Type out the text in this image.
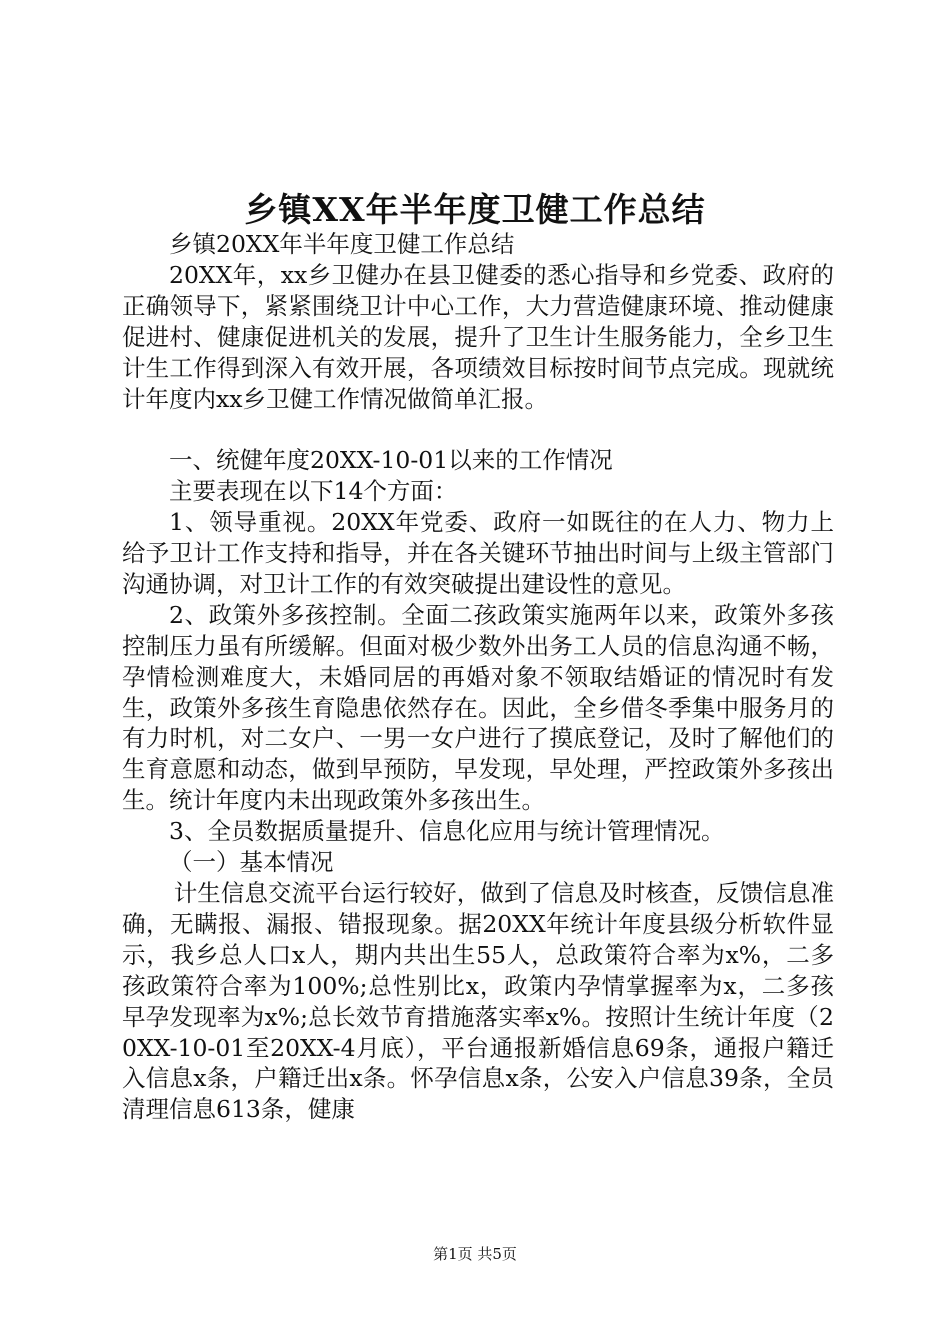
乡镇XX年半年度卫健工作总结

乡镇20XX年半年度卫健工作总结

20XX年，xx乡卫健办在县卫健委的悉心指导和乡党委、政府的正确领导下，紧紧围绕卫计中心工作，大力营造健康环境、推动健康促进村、健康促进机关的发展，提升了卫生计生服务能力，全乡卫生计生工作得到深入有效开展，各项绩效目标按时间节点完成。现就统计年度内xx乡卫健工作情况做简单汇报。

一、统健年度20XX-10-01以来的工作情况

主要表现在以下14个方面：

1、领导重视。20XX年党委、政府一如既往的在人力、物力上给予卫计工作支持和指导，并在各关键环节抽出时间与上级主管部门沟通协调，对卫计工作的有效突破提出建设性的意见。

2、政策外多孩控制。全面二孩政策实施两年以来，政策外多孩控制压力虽有所缓解。但面对极少数外出务工人员的信息沟通不畅，孕情检测难度大，未婚同居的再婚对象不领取结婚证的情况时有发生，政策外多孩生育隐患依然存在。因此，全乡借冬季集中服务月的有力时机，对二女户、一男一女户进行了摸底登记，及时了解他们的生育意愿和动态，做到早预防，早发现，早处理，严控政策外多孩出生。统计年度内未出现政策外多孩出生。

3、全员数据质量提升、信息化应用与统计管理情况。

（一）基本情况

计生信息交流平台运行较好，做到了信息及时核查，反馈信息准确，无瞒报、漏报、错报现象。据20XX年统计年度县级分析软件显示，我乡总人口x人，期内共出生55人，总政策符合率为x%，二多孩政策符合率为100%;总性别比x，政策内孕情掌握率为x，二多孩早孕发现率为x%;总长效节育措施落实率x%。按照计生统计年度（20XX-10-01至20XX-4月底），平台通报新婚信息69条，通报户籍迁入信息x条，户籍迁出x条。怀孕信息x条，公安入户信息39条，全员清理信息613条，健康

第1页 共5页
